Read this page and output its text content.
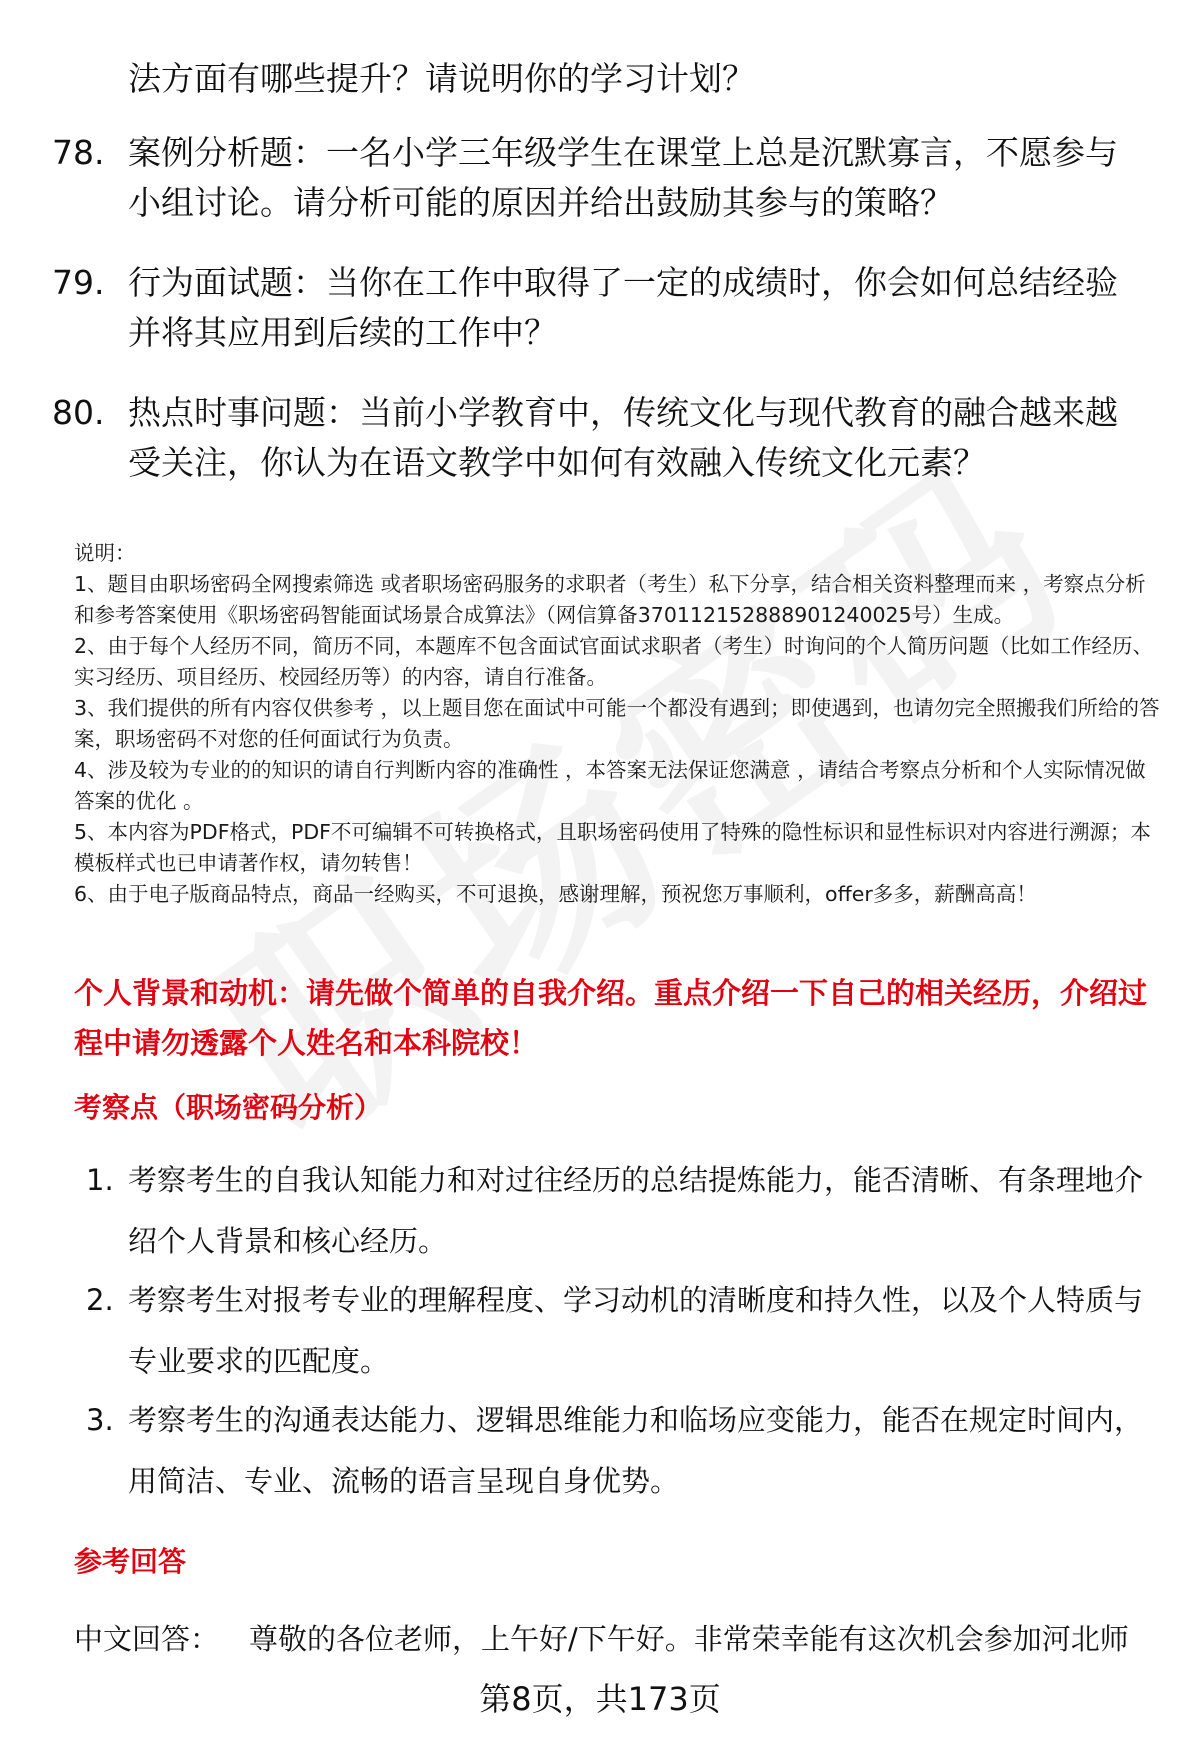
法方面有哪些提升？请说明你的学习计划？
78. 案例分析题：一名小学三年级学生在课堂上总是沉默寡言，不愿参与小组讨论。请分析可能的原因并给出鼓励其参与的策略？
79. 行为面试题：当你在工作中取得了一定的成绩时，你会如何总结经验并将其应用到后续的工作中？
80. 热点时事问题：当前小学教育中，传统文化与现代教育的融合越来越受关注，你认为在语文教学中如何有效融入传统文化元素？
说明：
1、题目由职场密码全网搜索筛选 或者职场密码服务的求职者（考生）私下分享，结合相关资料整理而来 ，考察点分析和参考答案使用《职场密码智能面试场景合成算法》（网信算备370112152888901240025号）生成。
2、由于每个人经历不同，简历不同，本题库不包含面试官面试求职者（考生）时询问的个人简历问题（比如工作经历、实习经历、项目经历、校园经历等）的内容，请自行准备。
3、我们提供的所有内容仅供参考 ，以上题目您在面试中可能一个都没有遇到；即使遇到，也请勿完全照搬我们所给的答案，职场密码不对您的任何面试行为负责。
4、涉及较为专业的的知识的请自行判断内容的准确性 ，本答案无法保证您满意 ，请结合考察点分析和个人实际情况做答案的优化 。
5、本内容为PDF格式，PDF不可编辑不可转换格式，且职场密码使用了特殊的隐性标识和显性标识对内容进行溯源；本模板样式也已申请著作权，请勿转售！
6、由于电子版商品特点，商品一经购买，不可退换，感谢理解，预祝您万事顺利，offer多多，薪酬高高！
个人背景和动机：请先做个简单的自我介绍。重点介绍一下自己的相关经历，介绍过程中请勿透露个人姓名和本科院校！
考察点（职场密码分析）
1. 考察考生的自我认知能力和对过往经历的总结提炼能力，能否清晰、有条理地介绍个人背景和核心经历。
2. 考察考生对报考专业的理解程度、学习动机的清晰度和持久性，以及个人特质与专业要求的匹配度。
3. 考察考生的沟通表达能力、逻辑思维能力和临场应变能力，能否在规定时间内，用简洁、专业、流畅的语言呈现自身优势。
参考回答
中文回答： 尊敬的各位老师，上午好/下午好。非常荣幸能有这次机会参加河北师
第8页，共173页
